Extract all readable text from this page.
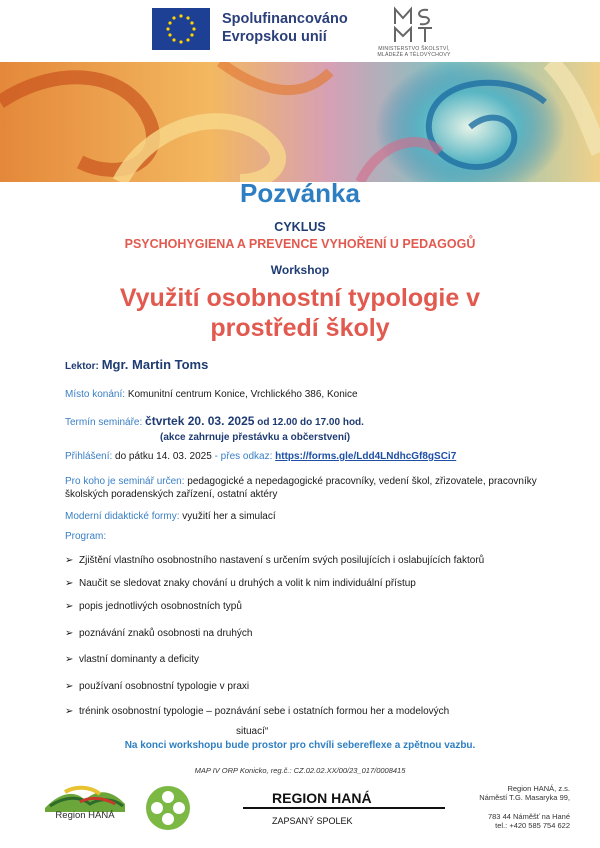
Spolufinancováno
Evropskou unií
MINISTERSTVO ŠKOLSTVÍ,
MLÁDEŽE A TĚLOVÝCHOVY
Pozvánka
CYKLUS
PSYCHOHYGIENA A PREVENCE VYHOŘENÍ U PEDAGOGŮ
Workshop
Využití osobnostní typologie v
prostředí školy
Lektor: Mgr. Martin Toms
Místo konání: Komunitní centrum Konice, Vrchlického 386, Konice
Termín semináře: čtvrtek 20. 03. 2025 od 12.00 do 17.00 hod.
(akce zahrnuje přestávku a občerstvení)
Přihlášení: do pátku 14. 03. 2025 - přes odkaz: https://forms.gle/Ldd4LNdhcGf8gSCi7
Pro koho je seminář určen: pedagogické a nepedagogické pracovníky, vedení škol, zřizovatele, pracovníky školských poradenských zařízení, ostatní aktéry
Moderní didaktické formy: využití her a simulací
Program:
➢ Zjištění vlastního osobnostního nastavení s určením svých posilujících i oslabujících faktorů
➢ Naučit se sledovat znaky chování u druhých a volit k nim individuální přístup
➢ popis jednotlivých osobnostních typů
➢ poznávání znaků osobnosti na druhých
➢ vlastní dominanty a deficity
➢ používaní osobnostní typologie v praxi
➢ trénink osobnostní typologie – poznávání sebe i ostatních formou her a modelových
situací“
Na konci workshopu bude prostor pro chvíli sebereflexe a zpětnou vazbu.
MAP IV ORP Konicko, reg.č.: CZ.02.02.XX/00/23_017/0008415
Region HANÁ
REGION HANÁ
ZAPSANÝ SPOLEK
Region HANÁ, z.s.
Náměstí T.G. Masaryka 99,
783 44 Náměšť na Hané
tel.: +420 585 754 622
